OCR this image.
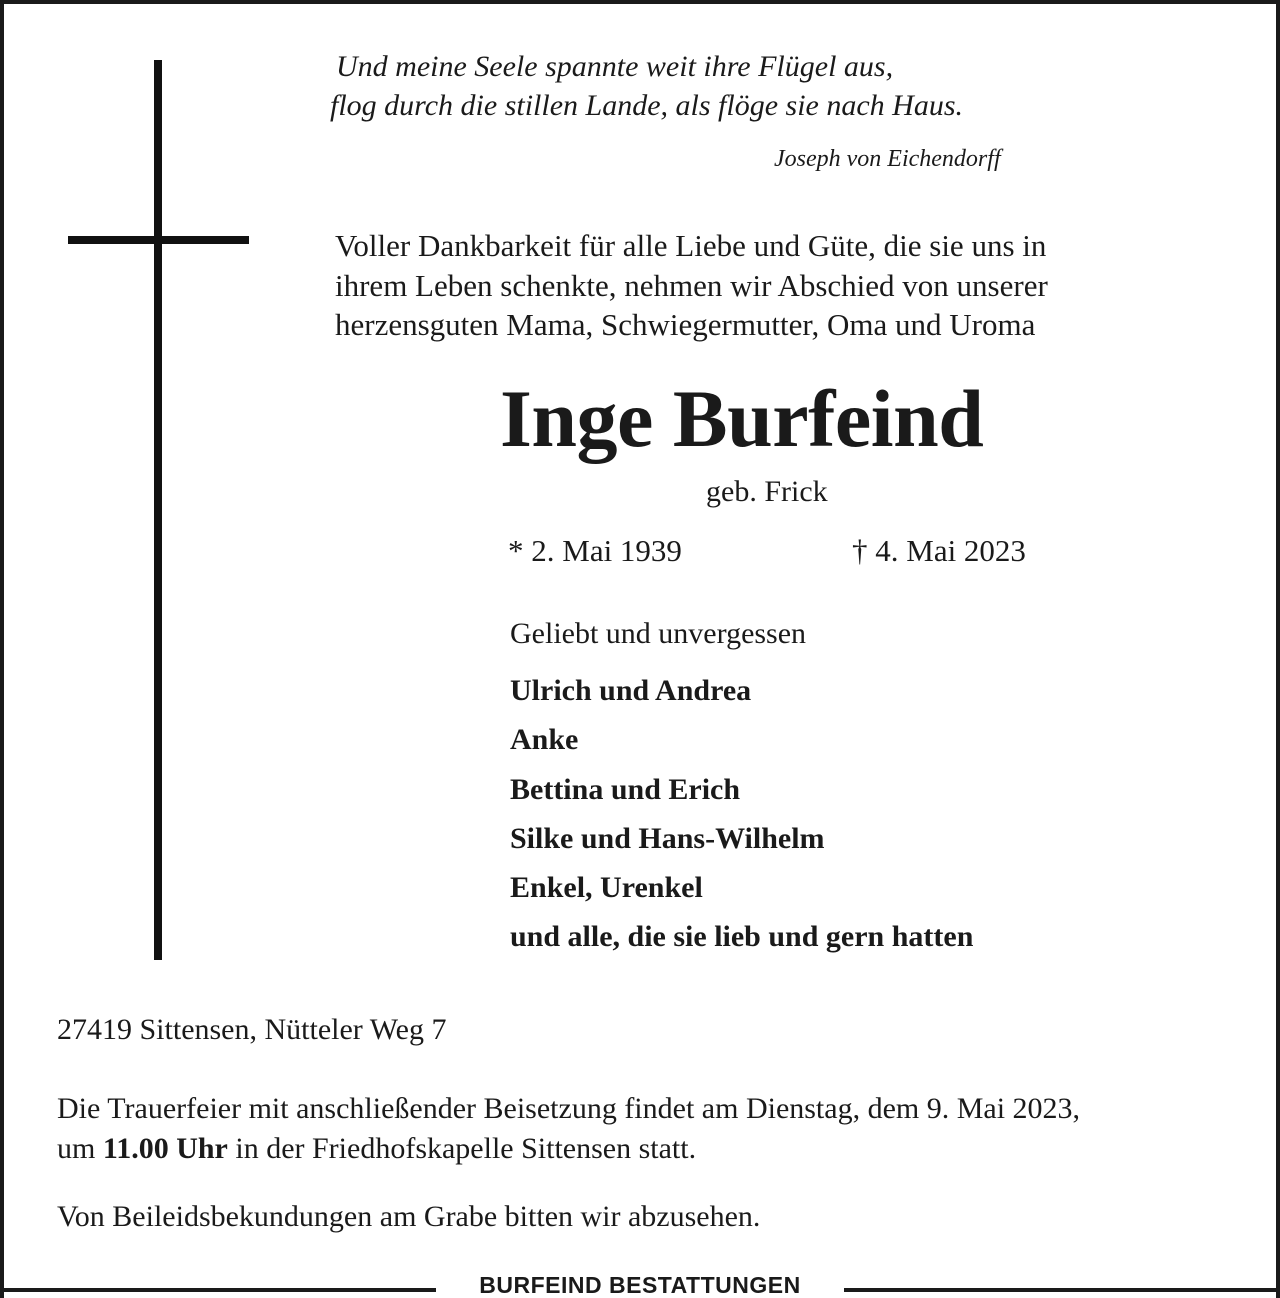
Und meine Seele spannte weit ihre Flügel aus,
flog durch die stillen Lande, als flöge sie nach Haus.
Joseph von Eichendorff
Voller Dankbarkeit für alle Liebe und Güte, die sie uns in
ihrem Leben schenkte, nehmen wir Abschied von unserer
herzensguten Mama, Schwiegermutter, Oma und Uroma
Inge Burfeind
geb. Frick
* 2. Mai 1939	† 4. Mai 2023
Geliebt und unvergessen
Ulrich und Andrea
Anke
Bettina und Erich
Silke und Hans-Wilhelm
Enkel, Urenkel
und alle, die sie lieb und gern hatten
27419 Sittensen, Nütteler Weg 7
Die Trauerfeier mit anschließender Beisetzung findet am Dienstag, dem 9. Mai 2023,
um 11.00 Uhr in der Friedhofskapelle Sittensen statt.
Von Beileidsbekundungen am Grabe bitten wir abzusehen.
BURFEIND BESTATTUNGEN
